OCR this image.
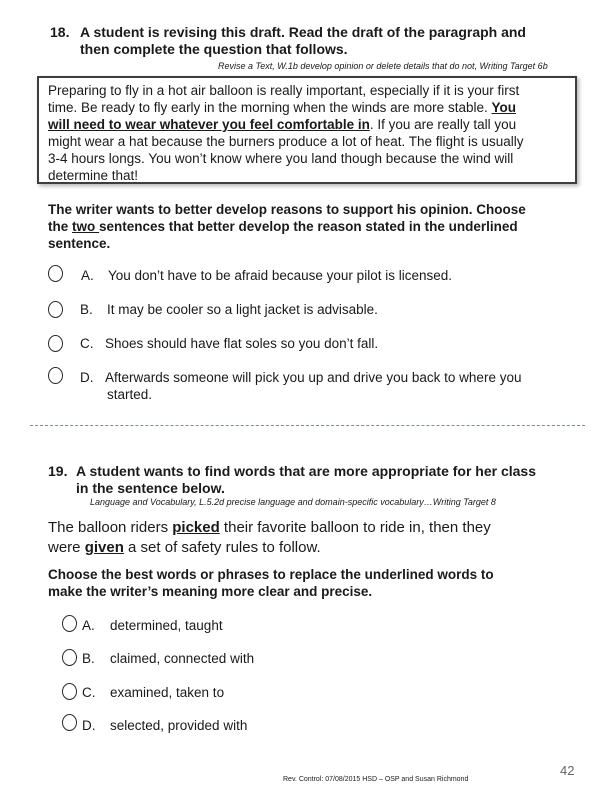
18. A student is revising this draft. Read the draft of the paragraph and
then complete the question that follows.
Revise a Text, W.1b develop opinion or delete details that do not, Writing Target 6b
Preparing to fly in a hot air balloon is really important, especially if it is your first
time. Be ready to fly early in the morning when the winds are more stable. You
will need to wear whatever you feel comfortable in. If you are really tall you
might wear a hat because the burners produce a lot of heat. The flight is usually
3-4 hours longs. You won’t know where you land though because the wind will
determine that!
The writer wants to better develop reasons to support his opinion. Choose
the two sentences that better develop the reason stated in the underlined
sentence.
A. You don’t have to be afraid because your pilot is licensed.
B. It may be cooler so a light jacket is advisable.
C. Shoes should have flat soles so you don’t fall.
D. Afterwards someone will pick you up and drive you back to where you
started.
19. A student wants to find words that are more appropriate for her class
in the sentence below.
Language and Vocabulary, L.5.2d precise language and domain-specific vocabulary…Writing Target 8
The balloon riders picked their favorite balloon to ride in, then they
were given a set of safety rules to follow.
Choose the best words or phrases to replace the underlined words to
make the writer’s meaning more clear and precise.
A. determined, taught
B. claimed, connected with
C. examined, taken to
D. selected, provided with
Rev. Control: 07/08/2015 HSD – OSP and Susan Richmond
42
